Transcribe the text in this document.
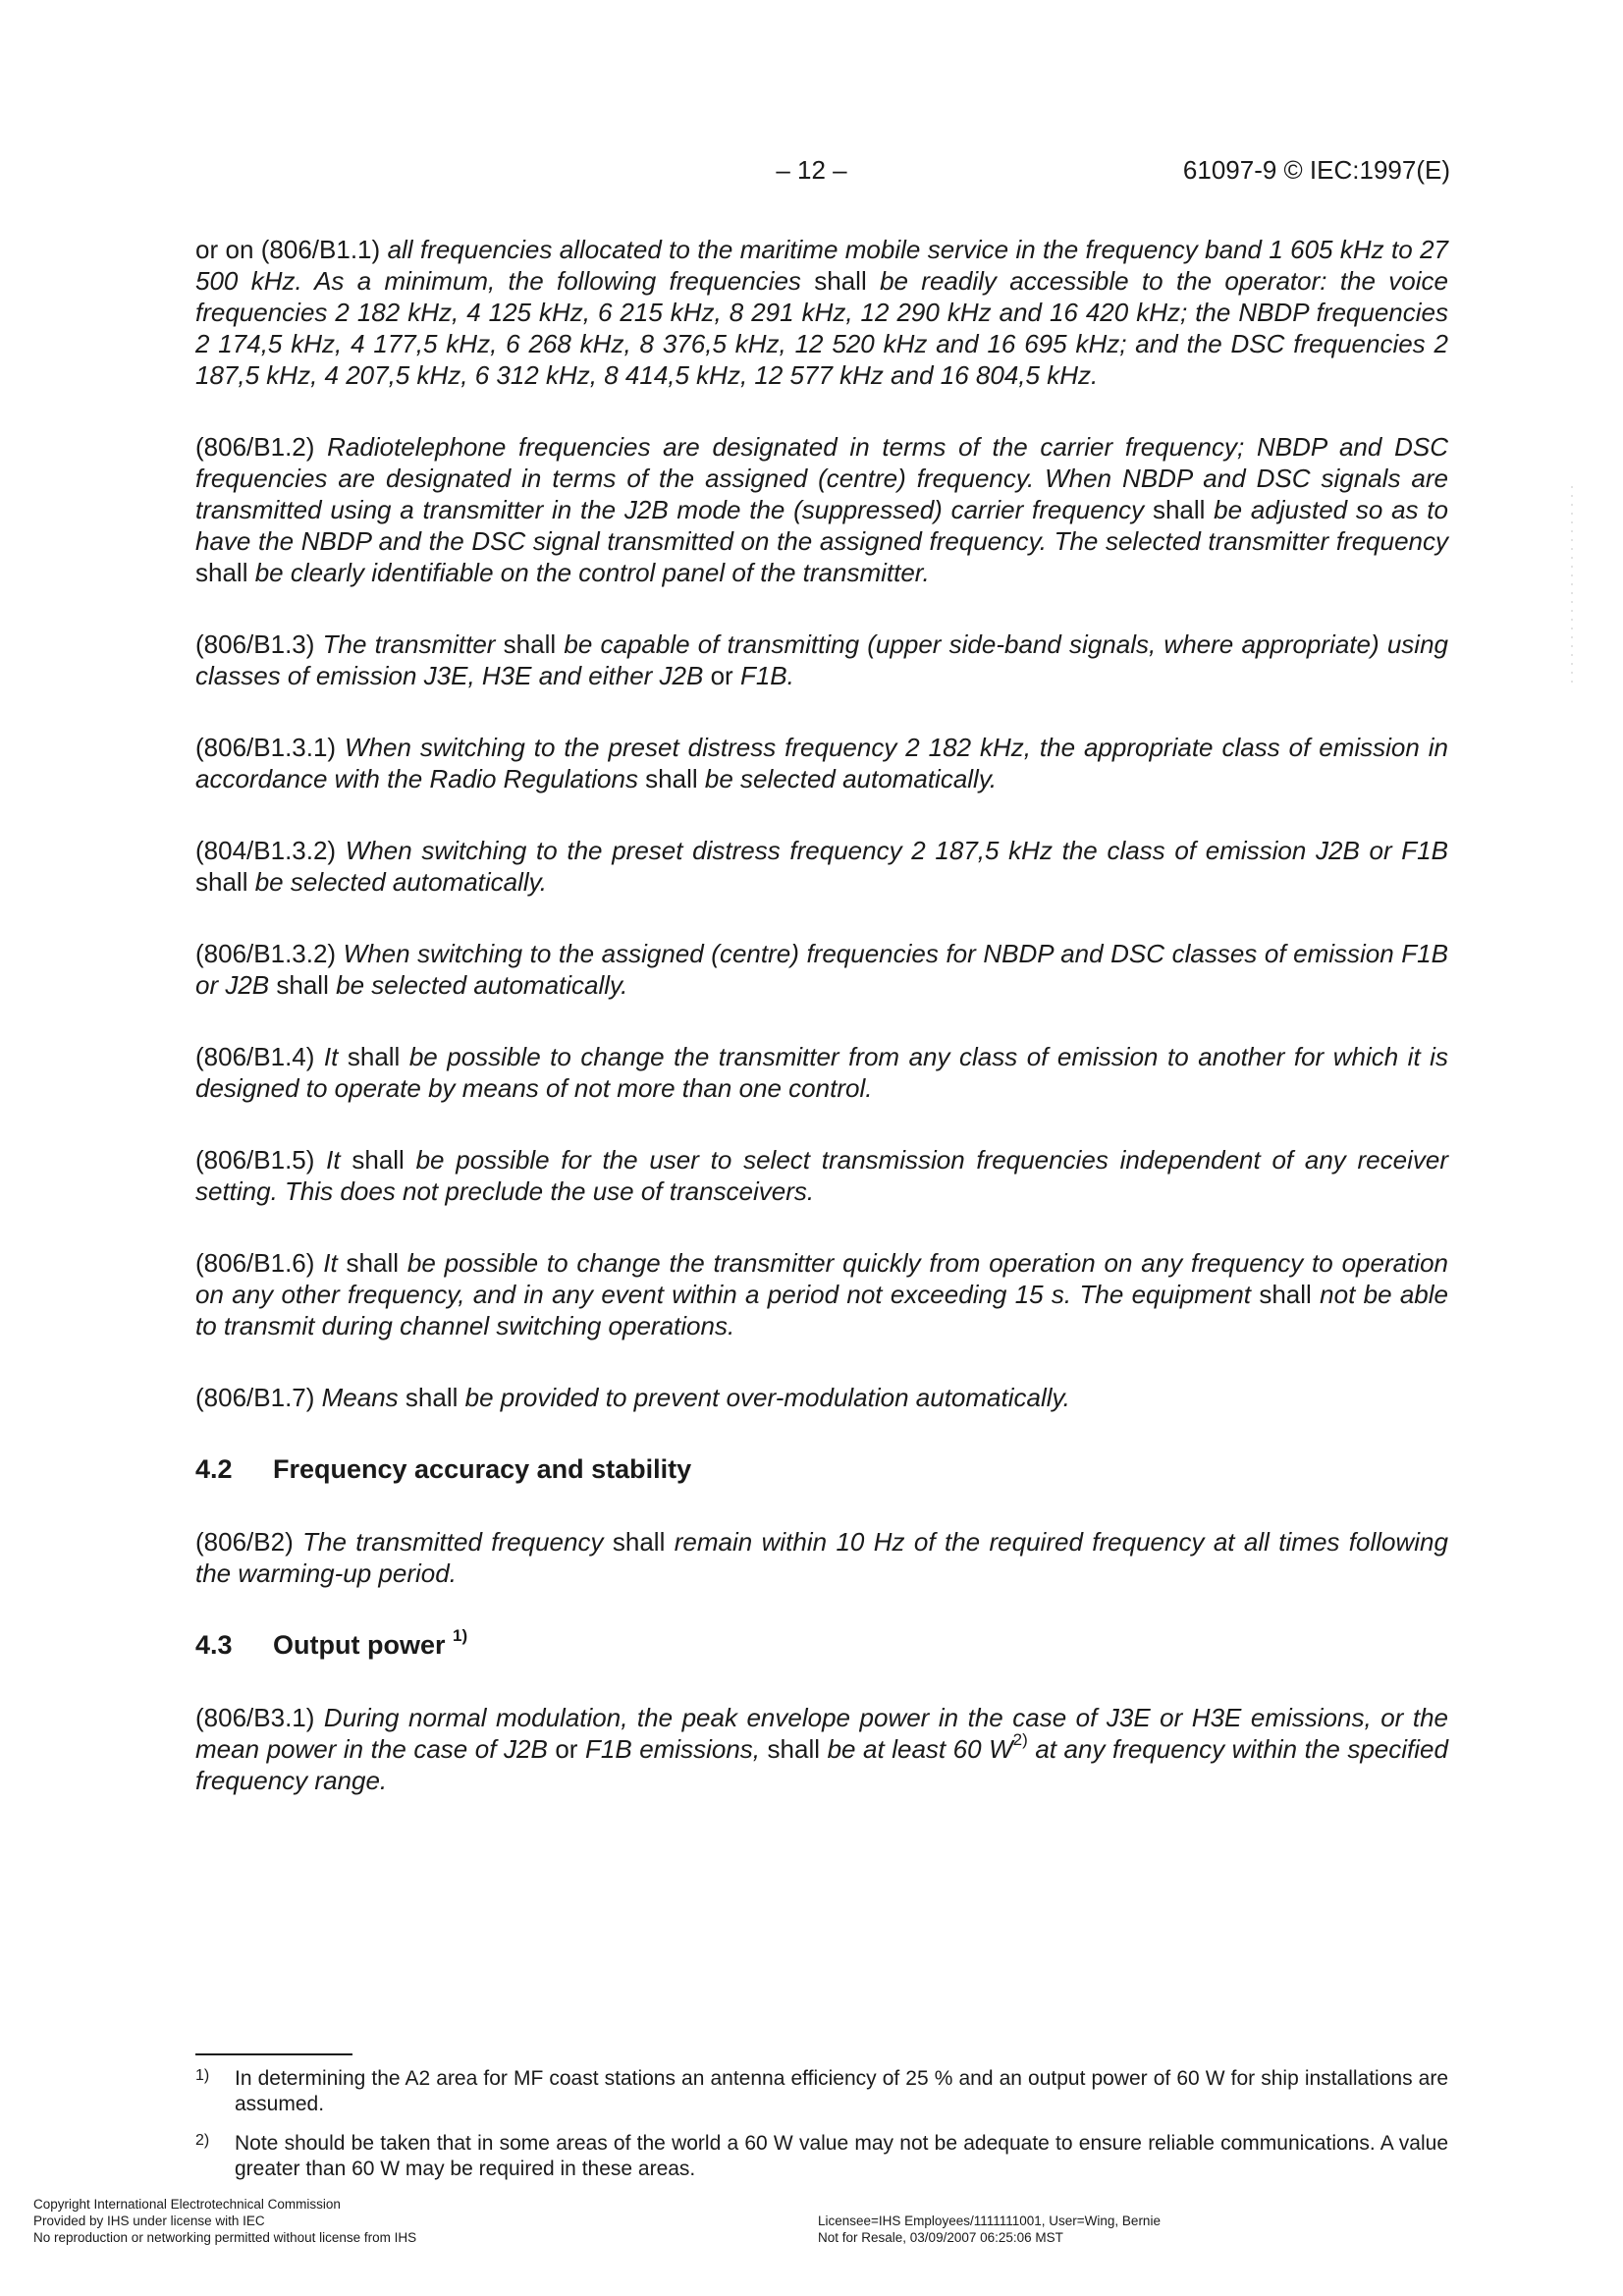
– 12 –	61097-9 © IEC:1997(E)

or on (806/B1.1) all frequencies allocated to the maritime mobile service in the frequency band 1 605 kHz to 27 500 kHz. As a minimum, the following frequencies shall be readily accessible to the operator: the voice frequencies 2 182 kHz, 4 125 kHz, 6 215 kHz, 8 291 kHz, 12 290 kHz and 16 420 kHz; the NBDP frequencies 2 174,5 kHz, 4 177,5 kHz, 6 268 kHz, 8 376,5 kHz, 12 520 kHz and 16 695 kHz; and the DSC frequencies 2 187,5 kHz, 4 207,5 kHz, 6 312 kHz, 8 414,5 kHz, 12 577 kHz and 16 804,5 kHz.

(806/B1.2) Radiotelephone frequencies are designated in terms of the carrier frequency; NBDP and DSC frequencies are designated in terms of the assigned (centre) frequency. When NBDP and DSC signals are transmitted using a transmitter in the J2B mode the (suppressed) carrier frequency shall be adjusted so as to have the NBDP and the DSC signal transmitted on the assigned frequency. The selected transmitter frequency shall be clearly identifiable on the control panel of the transmitter.

(806/B1.3) The transmitter shall be capable of transmitting (upper side-band signals, where appropriate) using classes of emission J3E, H3E and either J2B or F1B.

(806/B1.3.1) When switching to the preset distress frequency 2 182 kHz, the appropriate class of emission in accordance with the Radio Regulations shall be selected automatically.

(804/B1.3.2) When switching to the preset distress frequency 2 187,5 kHz the class of emission J2B or F1B shall be selected automatically.

(806/B1.3.2) When switching to the assigned (centre) frequencies for NBDP and DSC classes of emission F1B or J2B shall be selected automatically.

(806/B1.4) It shall be possible to change the transmitter from any class of emission to another for which it is designed to operate by means of not more than one control.

(806/B1.5) It shall be possible for the user to select transmission frequencies independent of any receiver setting. This does not preclude the use of transceivers.

(806/B1.6) It shall be possible to change the transmitter quickly from operation on any frequency to operation on any other frequency, and in any event within a period not exceeding 15 s. The equipment shall not be able to transmit during channel switching operations.

(806/B1.7) Means shall be provided to prevent over-modulation automatically.

4.2 Frequency accuracy and stability

(806/B2) The transmitted frequency shall remain within 10 Hz of the required frequency at all times following the warming-up period.

4.3 Output power $^{1)}$

(806/B3.1) During normal modulation, the peak envelope power in the case of J3E or H3E emissions, or the mean power in the case of J2B or F1B emissions, shall be at least 60 $W^{2)}$ at any frequency within the specified frequency range.

1) In determining the A2 area for MF coast stations an antenna efficiency of 25 % and an output power of 60 W for ship installations are assumed.
2) Note should be taken that in some areas of the world a 60 W value may not be adequate to ensure reliable communications. A value greater than 60 W may be required in these areas.
Copyright International Electrotechnical Commission
Provided by IHS under license with IEC
No reproduction or networking permitted without license from IHS
Licensee=IHS Employees/1111111001, User=Wing, Bernie
Not for Resale, 03/09/2007 06:25:06 MST
